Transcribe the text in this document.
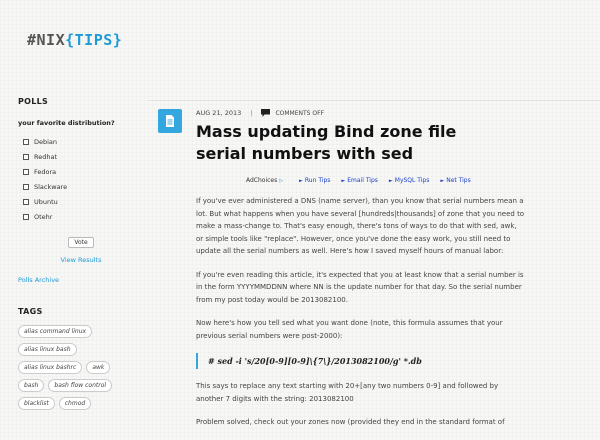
#NIX{TIPS}
POLLS
your favorite distribution?
Debian
Redhat
Fedora
Slackware
Ubuntu
Otehr
Vote
View Results
Polls Archive
TAGS
alias command linux
alias linux bash
alias linux bashrc	awk
bash	bash flow control
blacklist	chmod
AUG 21, 2013 |	COMMENTS OFF
Mass updating Bind zone file serial numbers with sed
AdChoices ▷	► Run Tips ► Email Tips ► MySQL Tips ► Net Tips

If you've ever administered a DNS (name server), than you know that serial numbers mean a lot. But what happens when you have several [hundreds|thousands] of zone that you need to make a mass-change to. That's easy enough, there's tons of ways to do that with sed, awk, or simple tools like "replace". However, once you've done the easy work, you still need to update all the serial numbers as well. Here's how I saved myself hours of manual labor:

If you're even reading this article, it's expected that you at least know that a serial number is in the form YYYYMMDDNN where NN is the update number for that day. So the serial number from my post today would be 2013082100.

Now here's how you tell sed what you want done (note, this formula assumes that your previous serial numbers were post-2000):

# sed -i 's/20[0-9][0-9]\{7\}/2013082100/g' *.db

This says to replace any text starting with 20+[any two numbers 0-9] and followed by another 7 digits with the string: 2013082100

Problem solved, check out your zones now (provided they end in the standard format of
